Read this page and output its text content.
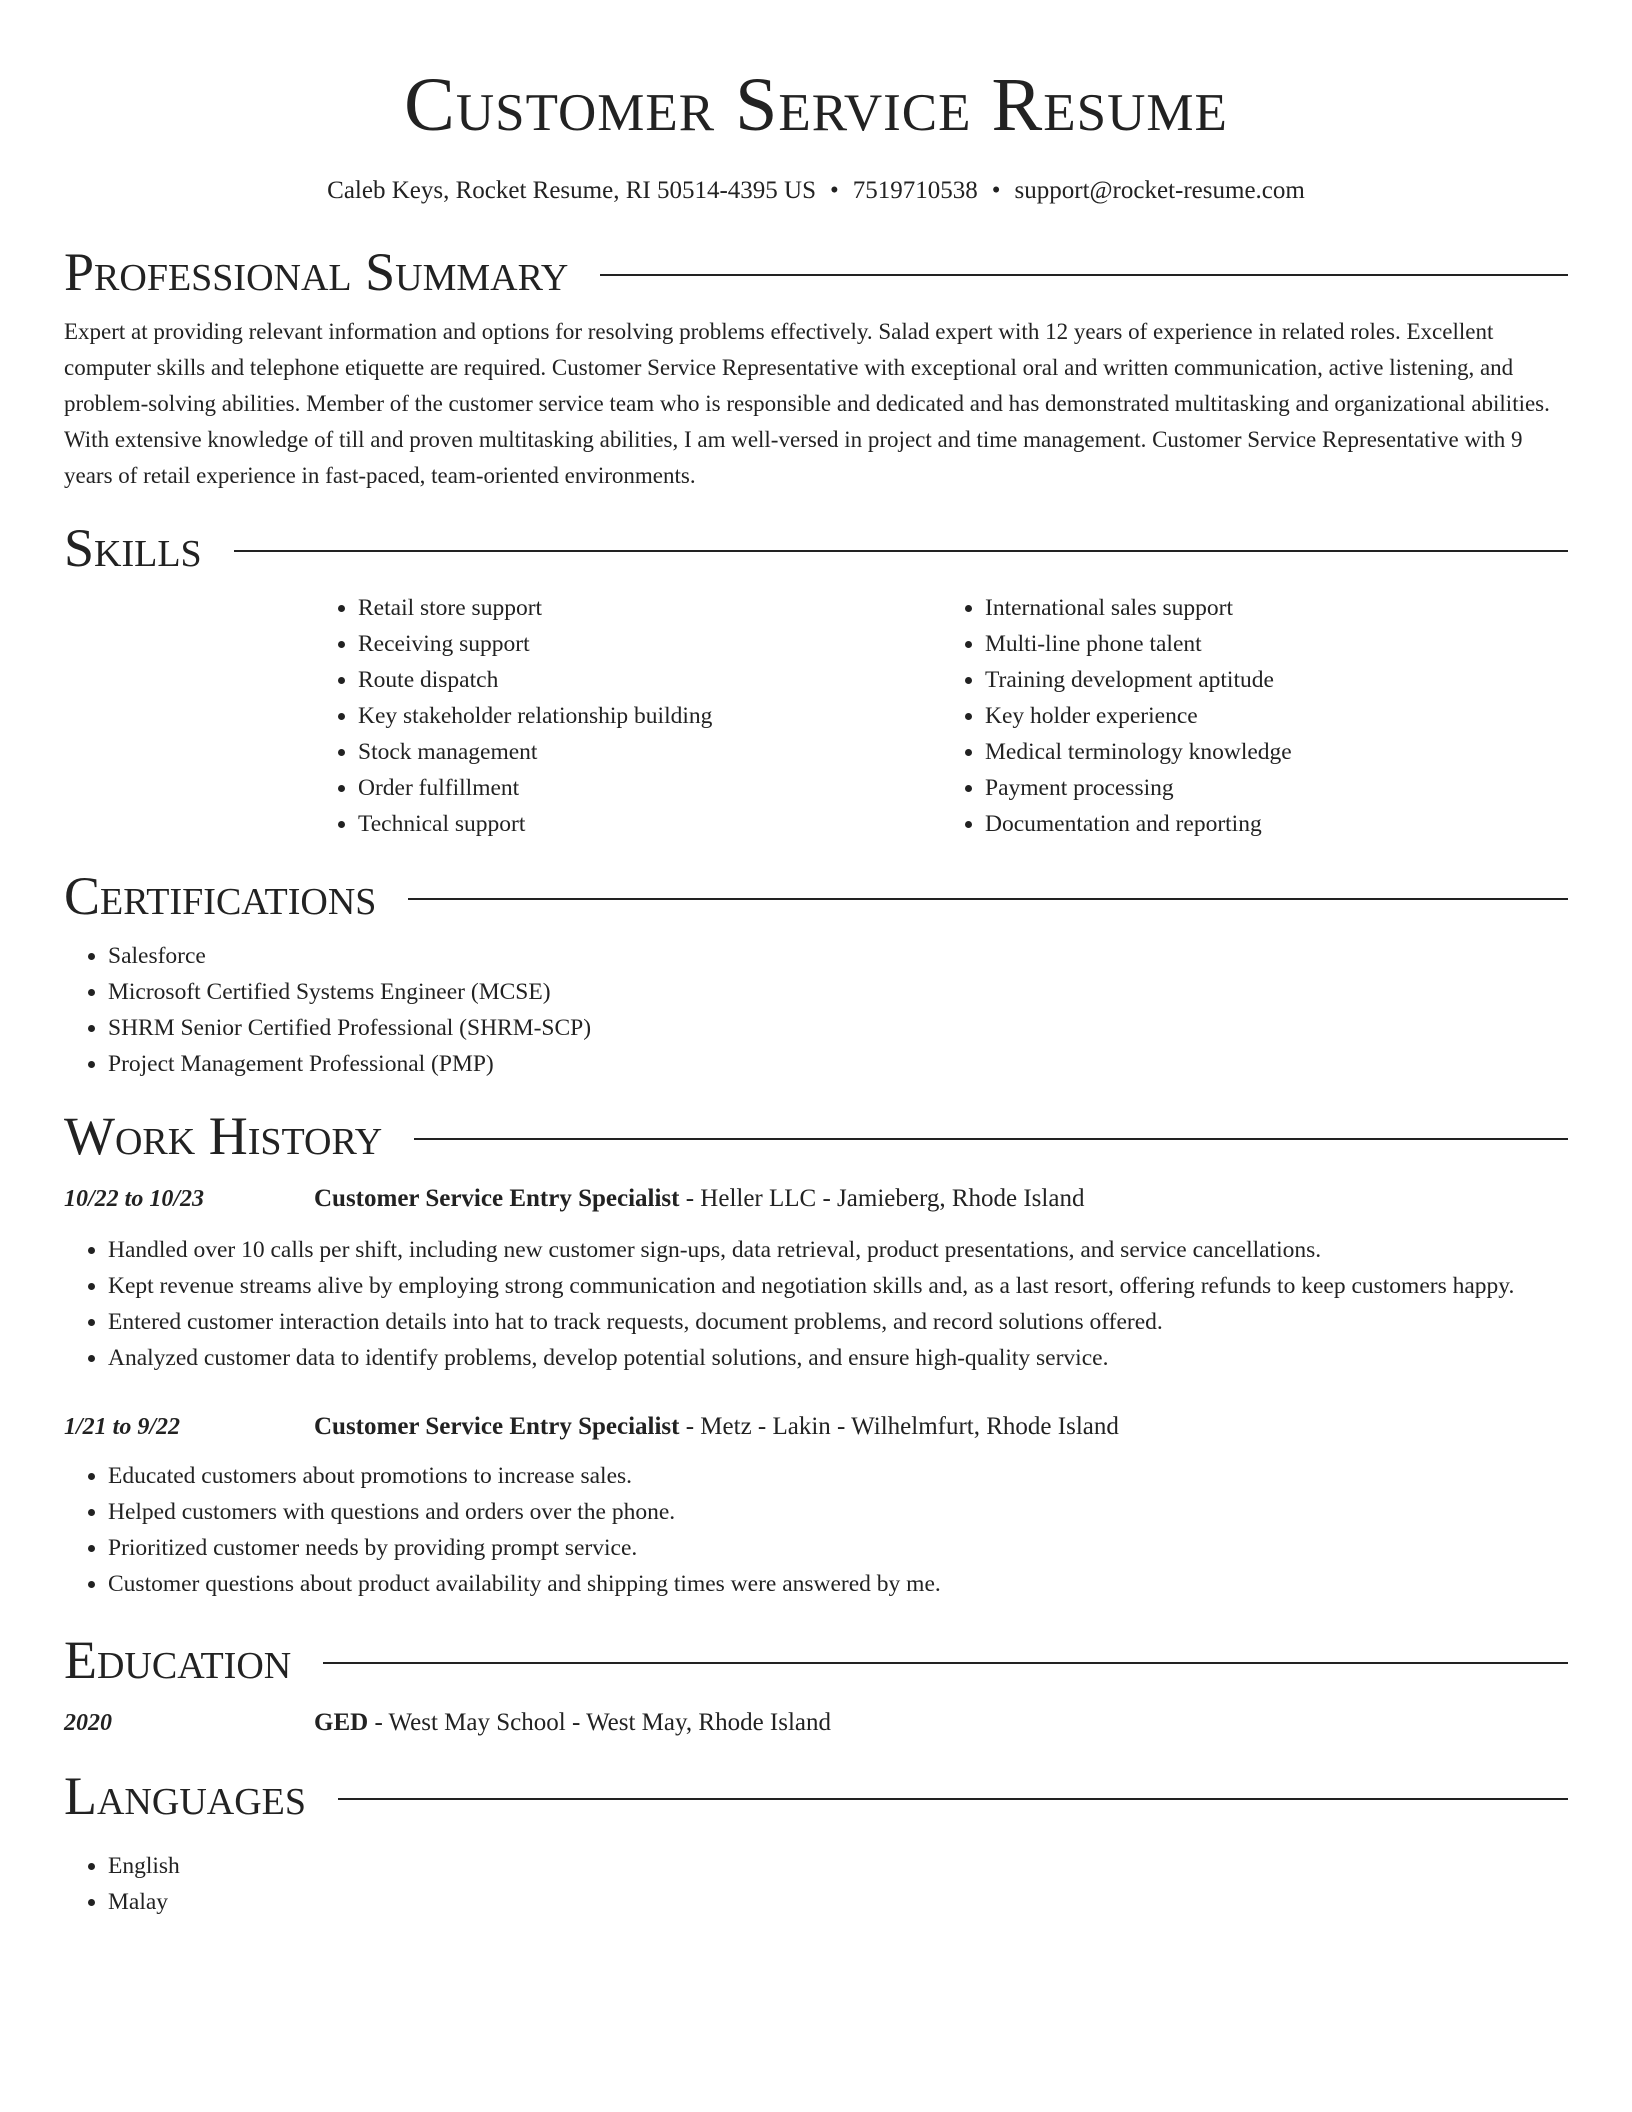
Customer Service Resume
Caleb Keys, Rocket Resume, RI 50514-4395 US • 7519710538 • support@rocket-resume.com
Professional Summary

Expert at providing relevant information and options for resolving problems effectively. Salad expert with 12 years of experience in related roles. Excellent computer skills and telephone etiquette are required. Customer Service Representative with exceptional oral and written communication, active listening, and problem-solving abilities. Member of the customer service team who is responsible and dedicated and has demonstrated multitasking and organizational abilities. With extensive knowledge of till and proven multitasking abilities, I am well-versed in project and time management. Customer Service Representative with 9 years of retail experience in fast-paced, team-oriented environments.

Skills
• Retail store support
• Receiving support
• Route dispatch
• Key stakeholder relationship building
• Stock management
• Order fulfillment
• Technical support
• International sales support
• Multi-line phone talent
• Training development aptitude
• Key holder experience
• Medical terminology knowledge
• Payment processing
• Documentation and reporting
Certifications
• Salesforce
• Microsoft Certified Systems Engineer (MCSE)
• SHRM Senior Certified Professional (SHRM-SCP)
• Project Management Professional (PMP)
Work History
10/22 to 10/23	Customer Service Entry Specialist - Heller LLC - Jamieberg, Rhode Island
• Handled over 10 calls per shift, including new customer sign-ups, data retrieval, product presentations, and service cancellations.
• Kept revenue streams alive by employing strong communication and negotiation skills and, as a last resort, offering refunds to keep customers happy.
• Entered customer interaction details into hat to track requests, document problems, and record solutions offered.
• Analyzed customer data to identify problems, develop potential solutions, and ensure high-quality service.
1/21 to 9/22	Customer Service Entry Specialist - Metz - Lakin - Wilhelmfurt, Rhode Island
• Educated customers about promotions to increase sales.
• Helped customers with questions and orders over the phone.
• Prioritized customer needs by providing prompt service.
• Customer questions about product availability and shipping times were answered by me.
Education
2020	GED - West May School - West May, Rhode Island
Languages
• English
• Malay
